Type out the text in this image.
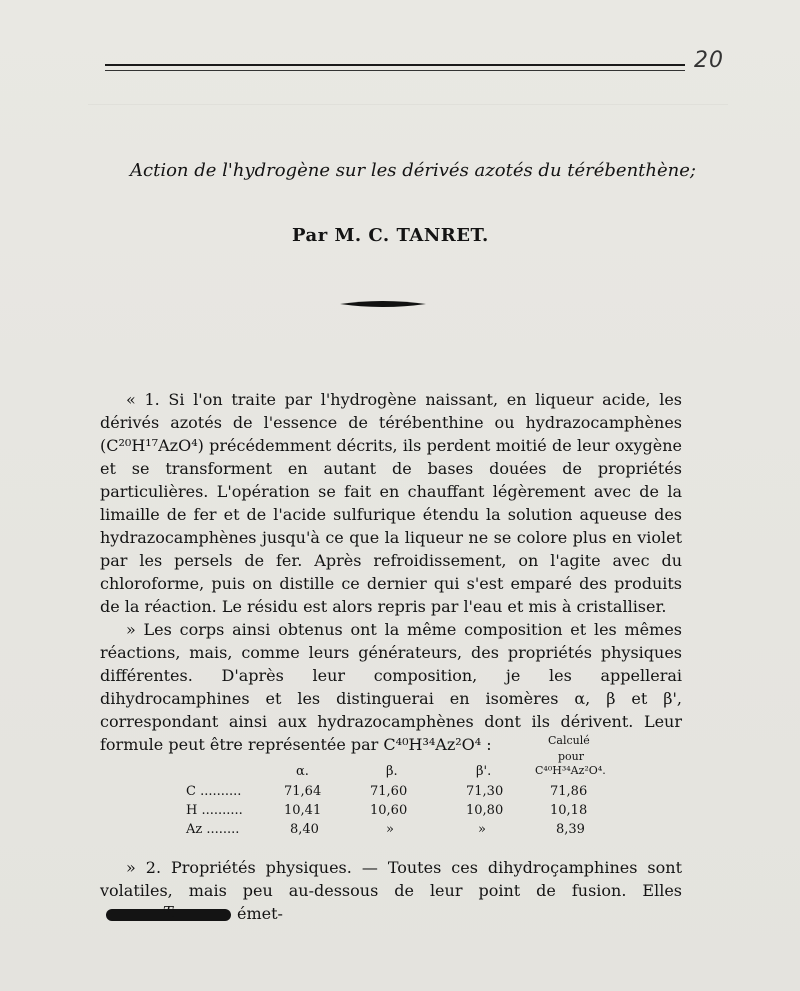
20
Action de l'hydrogène sur les dérivés azotés du térébenthène;
Par M. C. TANRET.

« 1. Si l'on traite par l'hydrogène naissant, en liqueur acide, les dérivés azotés de l'essence de térébenthine ou hydrazocamphènes (C²⁰H¹⁷AzO⁴) précédemment décrits, ils perdent moitié de leur oxygène et se transforment en autant de bases douées de propriétés particulières. L'opération se fait en chauffant légèrement avec de la limaille de fer et de l'acide sulfurique étendu la solution aqueuse des hydrazocamphènes jusqu'à ce que la liqueur ne se colore plus en violet par les persels de fer. Après refroidissement, on l'agite avec du chloroforme, puis on distille ce dernier qui s'est emparé des produits de la réaction. Le résidu est alors repris par l'eau et mis à cristalliser.

» Les corps ainsi obtenus ont la même composition et les mêmes réactions, mais, comme leurs générateurs, des propriétés physiques différentes. D'après leur composition, je les appellerai dihydrocamphines et les distinguerai en isomères α, β et β', correspondant ainsi aux hydrazocamphènes dont ils dérivent. Leur formule peut être représentée par C⁴⁰H³⁴Az²O⁴ :	Calculé
pour
C⁴⁰H³⁴Az²O⁴.
α.	β.	β'.
C ..........	71,64	71,60	71,30	71,86
H ..........	10,41	10,60	10,80	10,18
Az ........	8,40	»	»	8,39

» 2. Propriétés physiques. — Toutes ces dihydroçamphines sont volatiles, mais peu au-dessous de leur point de fusion. Ellesémet-

T.
